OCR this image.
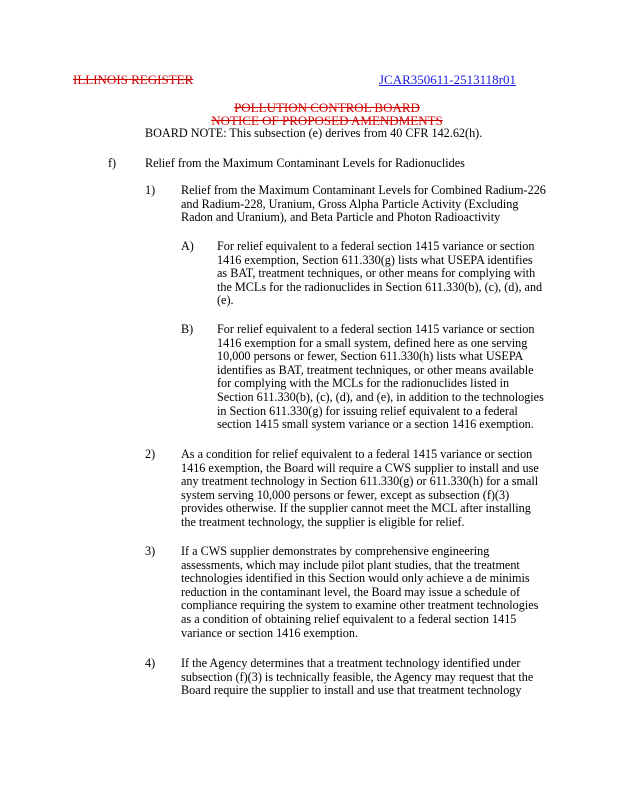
ILLINOIS REGISTER	JCAR350611-2513118r01
POLLUTION CONTROL BOARD
NOTICE OF PROPOSED AMENDMENTS
BOARD NOTE: This subsection (e) derives from 40 CFR 142.62(h).
f) Relief from the Maximum Contaminant Levels for Radionuclides
1) Relief from the Maximum Contaminant Levels for Combined Radium-226

and Radium-228, Uranium, Gross Alpha Particle Activity (Excluding

Radon and Uranium), and Beta Particle and Photon Radioactivity

A) For relief equivalent to a federal section 1415 variance or section

1416 exemption, Section 611.330(g) lists what USEPA identifies

as BAT, treatment techniques, or other means for complying with

the MCLs for the radionuclides in Section 611.330(b), (c), (d), and

(e).

B) For relief equivalent to a federal section 1415 variance or section

1416 exemption for a small system, defined here as one serving

10,000 persons or fewer, Section 611.330(h) lists what USEPA

identifies as BAT, treatment techniques, or other means available

for complying with the MCLs for the radionuclides listed in

Section 611.330(b), (c), (d), and (e), in addition to the technologies

in Section 611.330(g) for issuing relief equivalent to a federal

section 1415 small system variance or a section 1416 exemption.

2) As a condition for relief equivalent to a federal 1415 variance or section

1416 exemption, the Board will require a CWS supplier to install and use

any treatment technology in Section 611.330(g) or 611.330(h) for a small

system serving 10,000 persons or fewer, except as subsection (f)(3)

provides otherwise. If the supplier cannot meet the MCL after installing

the treatment technology, the supplier is eligible for relief.

3) If a CWS supplier demonstrates by comprehensive engineering

assessments, which may include pilot plant studies, that the treatment

technologies identified in this Section would only achieve a de minimis

reduction in the contaminant level, the Board may issue a schedule of

compliance requiring the system to examine other treatment technologies

as a condition of obtaining relief equivalent to a federal section 1415

variance or section 1416 exemption.

4) If the Agency determines that a treatment technology identified under

subsection (f)(3) is technically feasible, the Agency may request that the

Board require the supplier to install and use that treatment technology
